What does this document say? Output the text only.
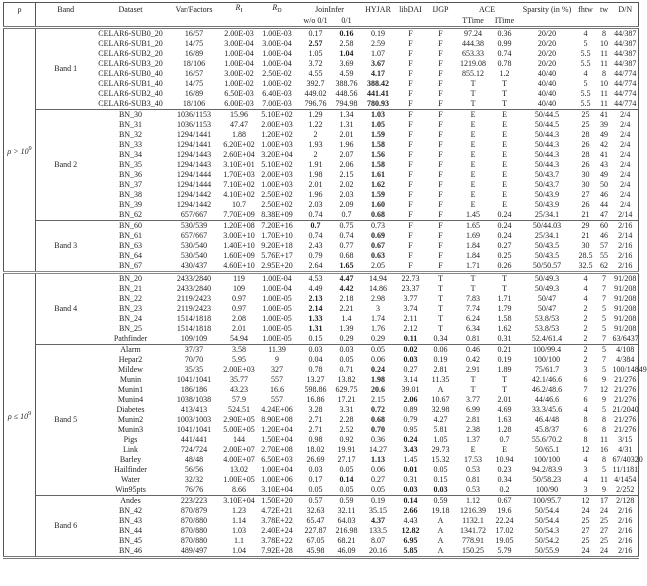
ρ	Band	Dataset	Var/Factors	$R_I$	$R_D$	JoinInfer		HYJAR	libDAI	IJGP	ACE		Sparsity (in %)	fhtw	tw	D/N
						w/o 0/1	0/1				TTime	ITime				
$\rho > 10^9$	Band 1	CELAR6-SUB0_20	16/57	2.00E-03	1.00E-03	0.17	0.16	0.19	F	F	97.24	0.36	20/20	4	8	44/387
		CELAR6-SUB1_20	14/75	3.00E-04	3.00E-04	2.57	2.58	2.59	F	F	444.38	0.99	20/20	5	10	44/387
		CELAR6-SUB2_20	16/89	1.00E-04	1.00E-04	1.05	1.04	1.07	F	F	653.33	0.74	20/20	5.5	11	44/387
		CELAR6-SUB3_20	18/106	1.00E-04	1.00E-04	3.72	3.69	3.67	F	F	1219.08	0.78	20/20	5.5	11	44/387
		CELAR6-SUB0_40	16/57	3.00E-02	2.50E-02	4.55	4.59	4.17	F	F	855.12	1.2	40/40	4	8	44/774
		CELAR6-SUB1_40	14/75	1.00E-02	1.00E-02	392.7	388.76	388.42	F	F	T	T	40/40	5	10	44/774
		CELAR6-SUB2_40	16/89	6.50E-03	6.40E-03	449.02	448.56	441.41	F	F	T	T	40/40	5.5	11	44/774
		CELAR6-SUB3_40	18/106	6.00E-03	7.00E-03	796.76	794.98	780.93	F	F	T	T	40/40	5.5	11	44/774
	Band 2	BN_30	1036/1153	15.96	5.10E+02	1.29	1.34	1.03	F	F	E	E	50/44.5	25	41	2/4
		BN_31	1036/1153	47.47	2.00E+03	1.22	1.31	1.05	F	F	E	E	50/44.5	25	39	2/4
		BN_32	1294/1441	1.88	1.20E+02	2	2.01	1.59	F	F	E	E	50/44.3	28	49	2/4
		BN_33	1294/1441	6.20E+02	1.00E+03	1.93	1.96	1.58	F	F	E	E	50/44.3	26	42	2/4
		BN_34	1294/1443	2.60E+04	3.20E+04	2	2.07	1.56	F	F	E	E	50/44.3	28	41	2/4
		BN_35	1294/1443	3.10E+01	5.10E+02	1.91	2.06	1.58	F	F	E	E	50/44.3	26	43	2/4
		BN_36	1294/1444	1.70E+03	2.00E+03	1.98	2.15	1.61	F	F	E	E	50/43.7	30	49	2/4
		BN_37	1294/1444	7.10E+02	1.00E+03	2.01	2.02	1.62	F	F	E	E	50/43.7	30	50	2/4
		BN_38	1294/1442	4.10E+02	2.50E+02	1.96	2.03	1.59	F	F	E	E	50/43.9	27	46	2/4
		BN_39	1294/1442	10.7	2.50E+02	2.03	2.09	1.60	F	F	E	E	50/43.9	26	44	2/4
		BN_62	657/667	7.70E+09	8.38E+09	0.74	0.7	0.68	F	F	1.45	0.24	25/34.1	21	47	2/14
	Band 3	BN_60	530/539	1.20E+08	7.20E+16	0.7	0.75	0.73	F	F	1.65	0.24	50/44.03	29	60	2/16
		BN_61	657/667	3.00E+10	1.70E+10	0.74	0.74	0.69	F	F	1.69	0.24	25/34.1	21	46	2/14
		BN_63	530/540	1.40E+10	9.20E+18	2.43	0.77	0.67	F	F	1.84	0.27	50/43.5	30	57	2/16
		BN_64	530/540	1.60E+09	5.76E+17	0.79	0.68	0.63	F	F	1.84	0.25	50/43.5	28.5	55	2/16
		BN_67	430/437	4.60E+10	2.95E+20	2.64	1.65	2.05	F	F	1.71	0.26	50/50.57	32.5	62	2/16
$\rho \le 10^9$	Band 4	BN_20	2433/2840	119	1.00E-04	4.53	4.47	14.94	22.73	T	T	T	50/49.3	4	7	91/208
		BN_21	2433/2840	109	1.00E-04	4.49	4.42	14.86	23.37	T	T	T	50/49.3	4	7	91/208
		BN_22	2119/2423	0.97	1.00E-05	2.13	2.18	2.98	3.77	T	7.83	1.71	50/47	4	7	91/208
		BN_23	2119/2423	0.97	1.00E-05	2.14	2.21	3	3.74	T	7.74	1.79	50/47	2	5	91/208
		BN_24	1514/1818	2.08	1.00E-05	1.33	1.4	1.74	2.11	T	6.24	1.58	53.8/53	2	5	91/208
		BN_25	1514/1818	2.01	1.00E-05	1.31	1.39	1.76	2.12	T	6.34	1.62	53.8/53	2	5	91/208
		Pathfinder	109/109	54.94	1.00E-05	0.15	0.29	0.29	0.11	0.34	0.81	0.31	52.4/61.4	2	7	63/6437
	Band 5	Alarm	37/37	3.58	11.39	0.03	0.03	0.05	0.02	0.06	0.46	0.21	100/99.4	2	5	4/108
		Hepar2	70/70	5.95	9	0.04	0.05	0.06	0.03	0.19	0.42	0.19	100/100	2	7	4/384
		Mildew	35/35	2.00E+03	327	0.78	0.71	0.24	0.27	2.81	2.91	1.89	75/61.7	3	5	100/14849
		Munin	1041/1041	35.77	557	13.27	13.82	1.98	3.14	11.35	T	T	42.1/46.6	6	9	21/276
		Munin1	186/186	43.23	16.6	598.86	629.75	20.6	39.01	A	T	T	46.2/48.6	7	12	21/276
		Munin4	1038/1038	57.9	557	16.86	17.21	2.15	2.06	10.67	3.77	2.01	44/46.6	6	9	21/276
		Diabetes	413/413	524.51	4.24E+06	3.28	3.31	0.72	0.89	32.98	6.99	4.69	33.3/45.6	4	5	21/2040
		Munin2	1003/1003	2.90E+05	8.90E+08	2.71	2.28	0.68	0.79	4.27	2.81	1.63	46.4/48	8	8	21/276
		Munin3	1041/1041	5.00E+05	1.20E+04	2.71	2.52	0.70	0.95	5.81	2.38	1.28	45.8/37	6	8	21/276
		Pigs	441/441	144	1.50E+04	0.98	0.92	0.36	0.24	1.05	1.37	0.7	55.6/70.2	8	11	3/15
		Link	724/724	2.00E+07	2.70E+08	18.02	19.91	14.27	3.43	29.73	E	E	50/65.1	12	16	4/31
		Barley	48/48	4.00E+07	6.50E+03	26.69	27.17	1.13	1.45	15.32	17.53	10.94	100/100	4	8	67/40320
		Hailfinder	56/56	13.02	1.00E+04	0.03	0.05	0.06	0.01	0.05	0.53	0.23	94.2/83.9	3	5	11/1181
		Water	32/32	1.00E+05	1.00E+06	0.17	0.14	0.27	0.31	0.15	0.81	0.34	50/58.23	4	11	4/1454
		Win95pts	76/76	8.66	3.10E+04	0.05	0.05	0.05	0.03	0.03	0.53	0.2	100/90	3	9	2/252
	Band 6	Andes	223/223	3.10E+04	1.50E+20	0.57	0.59	0.19	0.14	0.59	1.12	0.67	100/95.7	12	17	2/128
		BN_42	870/879	1.23	4.72E+21	32.63	32.11	35.15	2.66	19.18	1216.39	19.6	50/54.4	24	24	2/16
		BN_43	870/880	1.14	3.78E+22	65.47	64.03	4.37	4.43	A	1132.1	22.24	50/54.4	25	25	2/16
		BN_44	870/880	1.03	2.40E+24	227.87	216.98	133.5	12.82	A	1341.72	17.02	50/54.3	27	27	2/16
		BN_45	870/880	1.1	3.78E+22	67.05	68.21	8.07	6.95	A	778.91	19.05	50/54.2	25	25	2/16
		BN_46	489/497	1.04	7.92E+28	45.98	46.09	20.16	5.85	A	150.25	5.79	50/55.9	24	24	2/16
